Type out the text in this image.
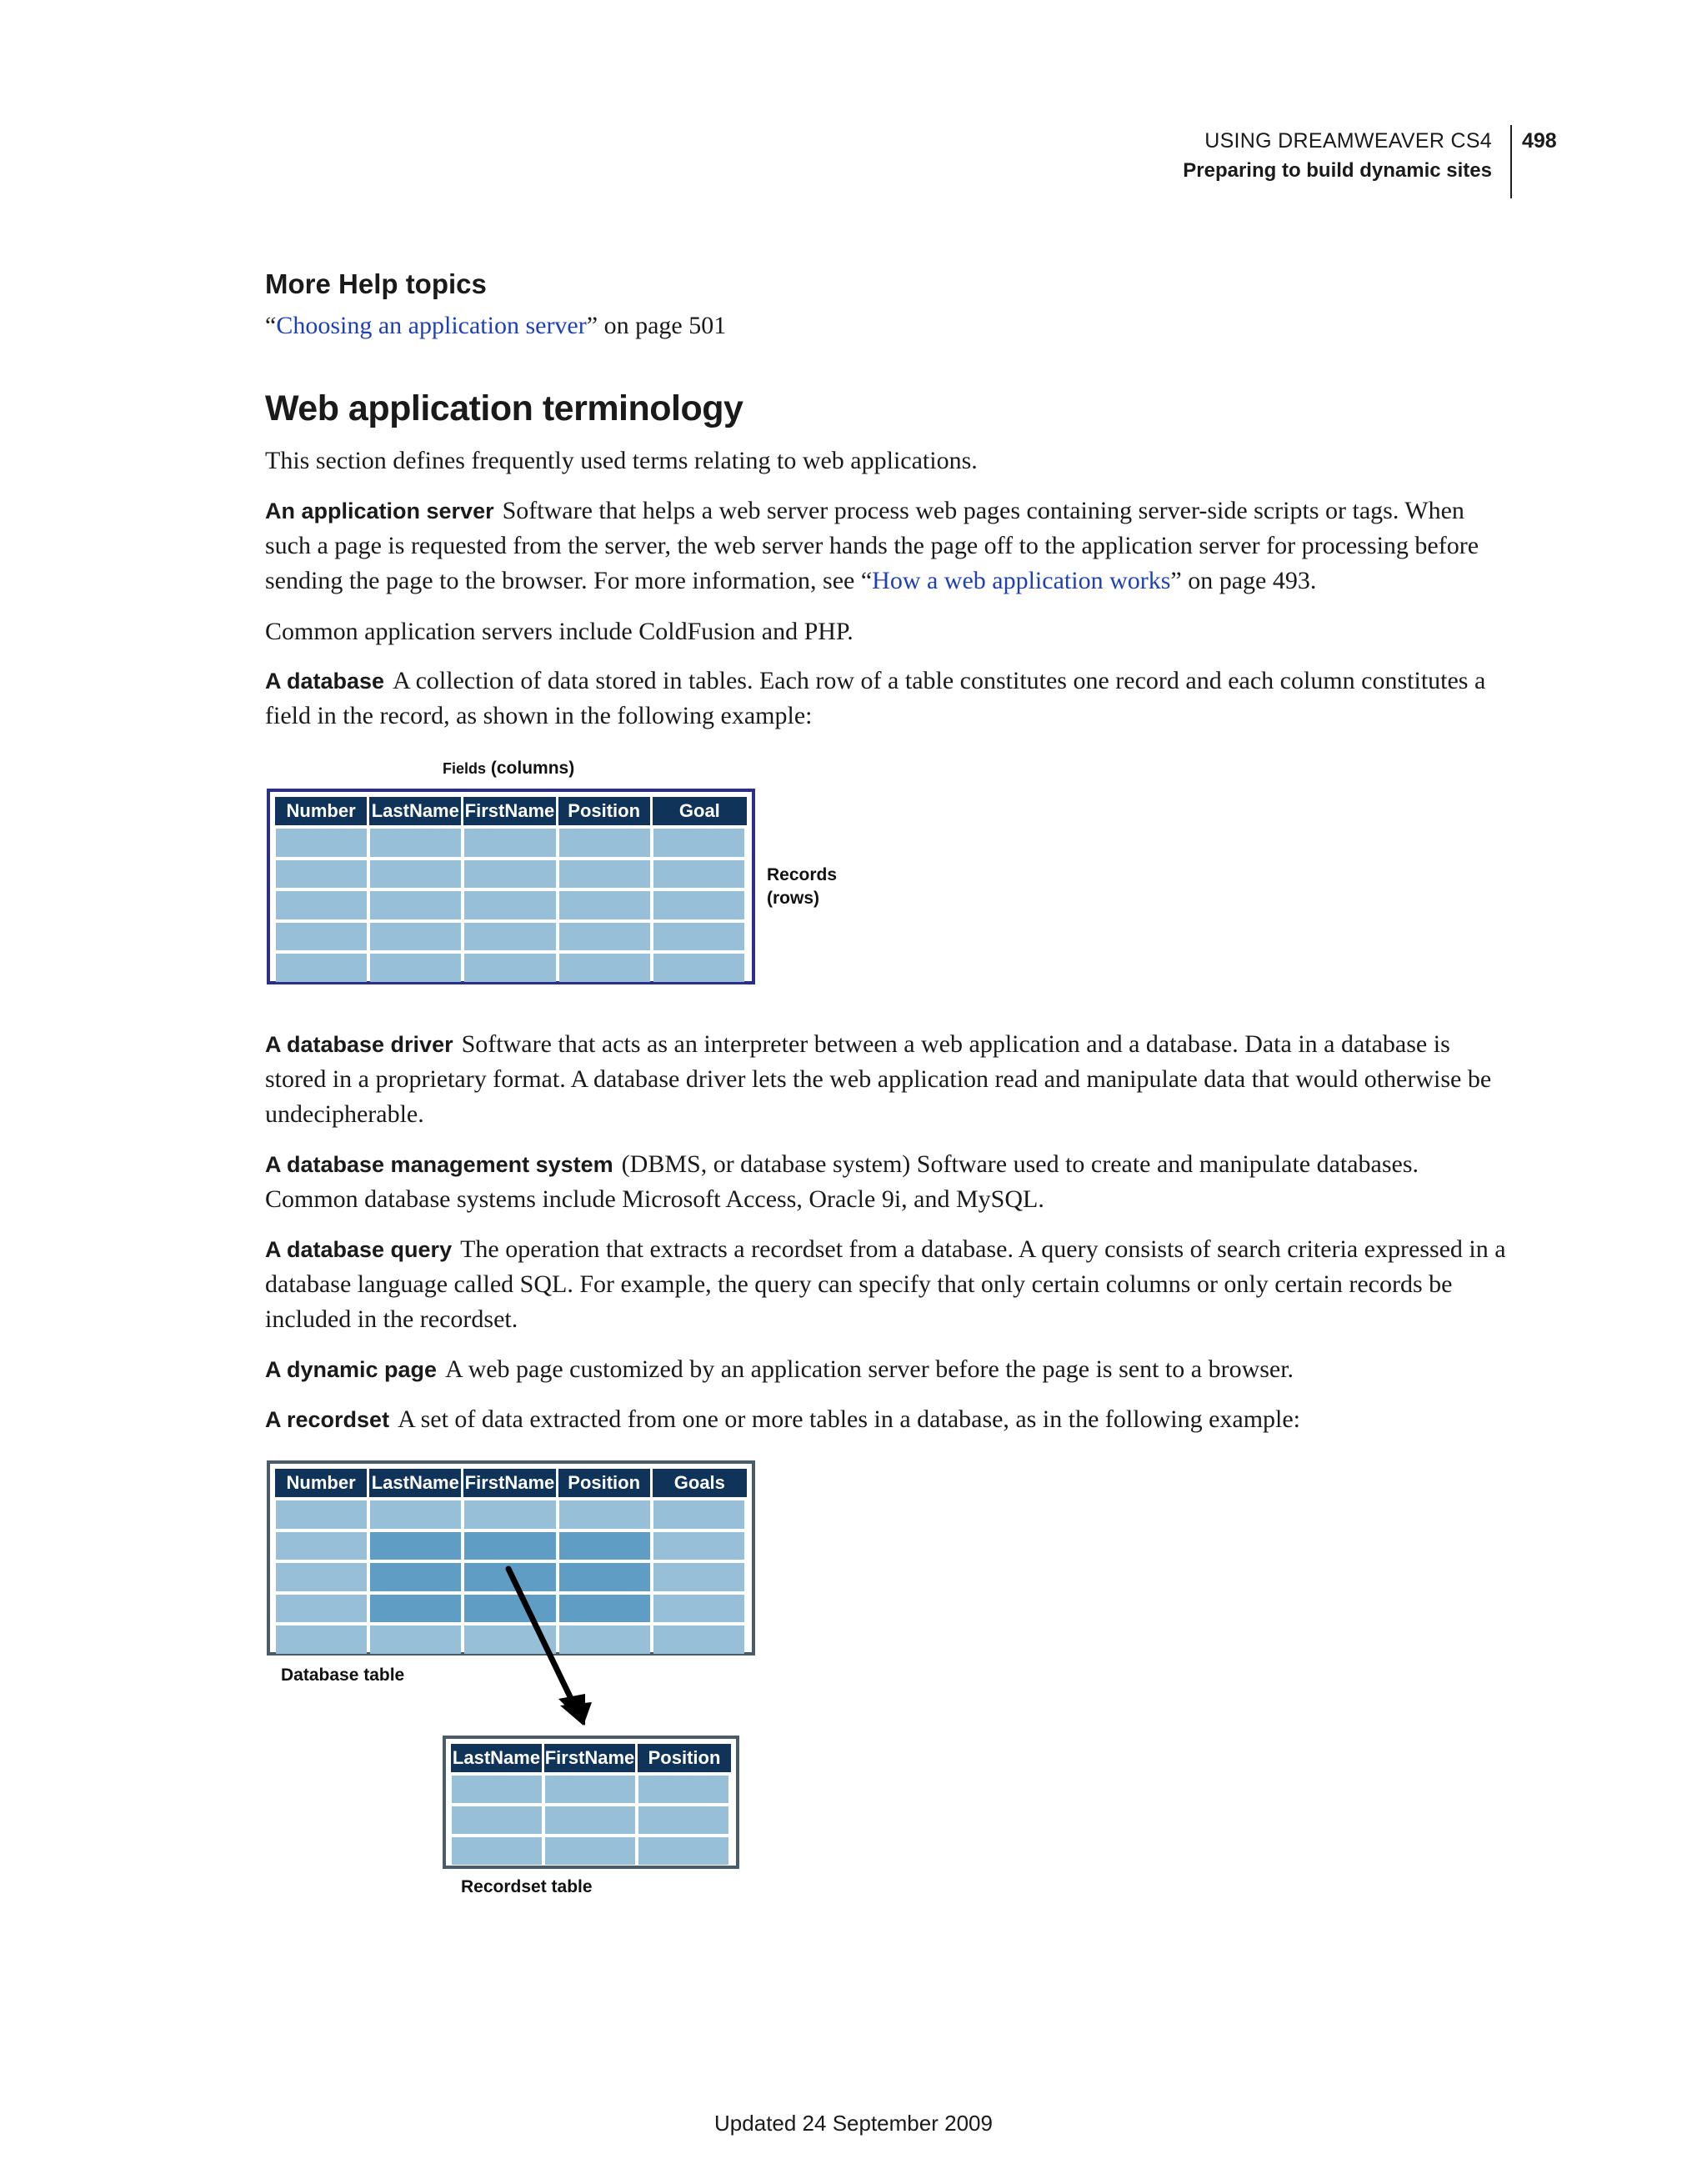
USING DREAMWEAVER CS4
Preparing to build dynamic sites
498
More Help topics
“Choosing an application server” on page 501
Web application terminology
This section defines frequently used terms relating to web applications.
An application server Software that helps a web server process web pages containing server-side scripts or tags. When such a page is requested from the server, the web server hands the page off to the application server for processing before sending the page to the browser. For more information, see “How a web application works” on page 493.
Common application servers include ColdFusion and PHP.
A database A collection of data stored in tables. Each row of a table constitutes one record and each column constitutes a field in the record, as shown in the following example:
Fields (columns)
Number LastName FirstName Position	Goal
Records
(rows)
A database driver Software that acts as an interpreter between a web application and a database. Data in a database is stored in a proprietary format. A database driver lets the web application read and manipulate data that would otherwise be undecipherable.
A database management system (DBMS, or database system) Software used to create and manipulate databases. Common database systems include Microsoft Access, Oracle 9i, and MySQL.
A database query The operation that extracts a recordset from a database. A query consists of search criteria expressed in a database language called SQL. For example, the query can specify that only certain columns or only certain records be included in the recordset.
A dynamic page A web page customized by an application server before the page is sent to a browser.
A recordset A set of data extracted from one or more tables in a database, as in the following example:
Number LastName FirstName Position	Goals
Database table
LastName FirstName Position
Recordset table
Updated 24 September 2009
